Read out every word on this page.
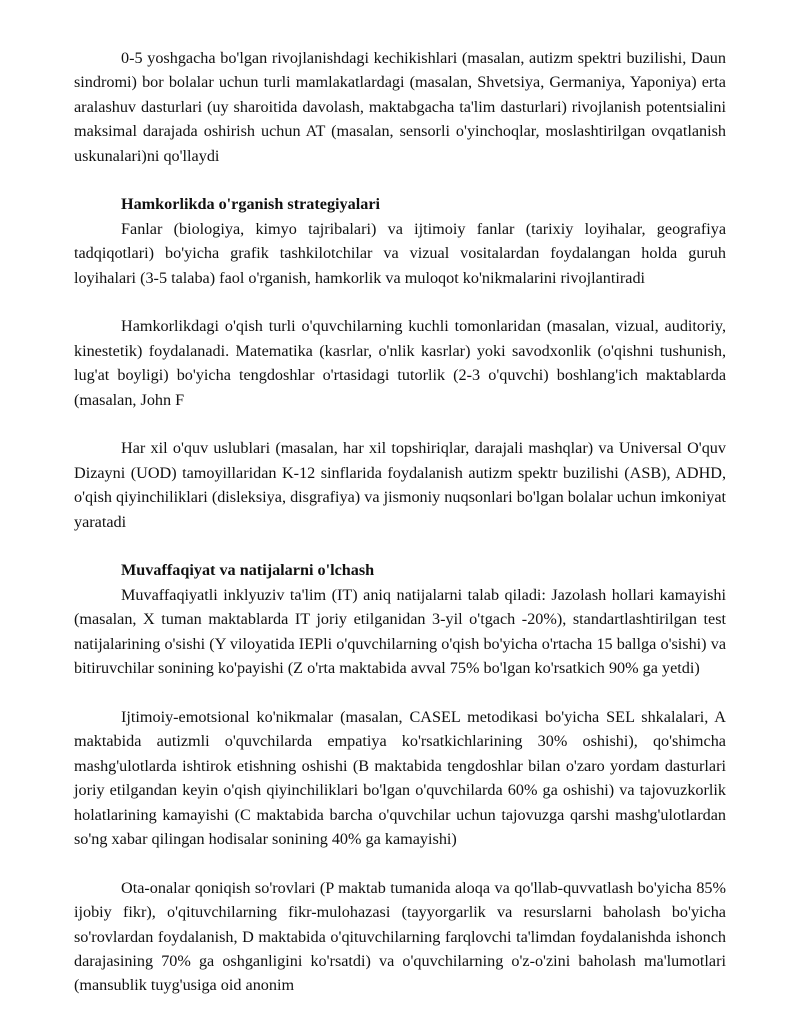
0-5 yoshgacha bo'lgan rivojlanishdagi kechikishlari (masalan, autizm spektri buzilishi, Daun sindromi) bor bolalar uchun turli mamlakatlardagi (masalan, Shvetsiya, Germaniya, Yaponiya) erta aralashuv dasturlari (uy sharoitida davolash, maktabgacha ta'lim dasturlari) rivojlanish potentsialini maksimal darajada oshirish uchun AT (masalan, sensorli o'yinchoqlar, moslashtirilgan ovqatlanish uskunalari)ni qo'llaydi

Hamkorlikda o'rganish strategiyalari

Fanlar (biologiya, kimyo tajribalari) va ijtimoiy fanlar (tarixiy loyihalar, geografiya tadqiqotlari) bo'yicha grafik tashkilotchilar va vizual vositalardan foydalangan holda guruh loyihalari (3-5 talaba) faol o'rganish, hamkorlik va muloqot ko'nikmalarini rivojlantiradi

Hamkorlikdagi o'qish turli o'quvchilarning kuchli tomonlaridan (masalan, vizual, auditoriy, kinestetik) foydalanadi. Matematika (kasrlar, o'nlik kasrlar) yoki savodxonlik (o'qishni tushunish, lug'at boyligi) bo'yicha tengdoshlar o'rtasidagi tutorlik (2-3 o'quvchi) boshlang'ich maktablarda (masalan, John F

Har xil o'quv uslublari (masalan, har xil topshiriqlar, darajali mashqlar) va Universal O'quv Dizayni (UOD) tamoyillaridan K-12 sinflarida foydalanish autizm spektr buzilishi (ASB), ADHD, o'qish qiyinchiliklari (disleksiya, disgrafiya) va jismoniy nuqsonlari bo'lgan bolalar uchun imkoniyat yaratadi

Muvaffaqiyat va natijalarni o'lchash

Muvaffaqiyatli inklyuziv ta'lim (IT) aniq natijalarni talab qiladi: Jazolash hollari kamayishi (masalan, X tuman maktablarda IT joriy etilganidan 3-yil o'tgach -20%), standartlashtirilgan test natijalarining o'sishi (Y viloyatida IEPli o'quvchilarning o'qish bo'yicha o'rtacha 15 ballga o'sishi) va bitiruvchilar sonining ko'payishi (Z o'rta maktabida avval 75% bo'lgan ko'rsatkich 90% ga yetdi)

Ijtimoiy-emotsional ko'nikmalar (masalan, CASEL metodikasi bo'yicha SEL shkalalari, A maktabida autizmli o'quvchilarda empatiya ko'rsatkichlarining 30% oshishi), qo'shimcha mashg'ulotlarda ishtirok etishning oshishi (B maktabida tengdoshlar bilan o'zaro yordam dasturlari joriy etilgandan keyin o'qish qiyinchiliklari bo'lgan o'quvchilarda 60% ga oshishi) va tajovuzkorlik holatlarining kamayishi (C maktabida barcha o'quvchilar uchun tajovuzga qarshi mashg'ulotlardan so'ng xabar qilingan hodisalar sonining 40% ga kamayishi)

Ota-onalar qoniqish so'rovlari (P maktab tumanida aloqa va qo'llab-quvvatlash bo'yicha 85% ijobiy fikr), o'qituvchilarning fikr-mulohazasi (tayyorgarlik va resurslarni baholash bo'yicha so'rovlardan foydalanish, D maktabida o'qituvchilarning farqlovchi ta'limdan foydalanishda ishonch darajasining 70% ga oshganligini ko'rsatdi) va o'quvchilarning o'z-o'zini baholash ma'lumotlari (mansublik tuyg'usiga oid anonim
